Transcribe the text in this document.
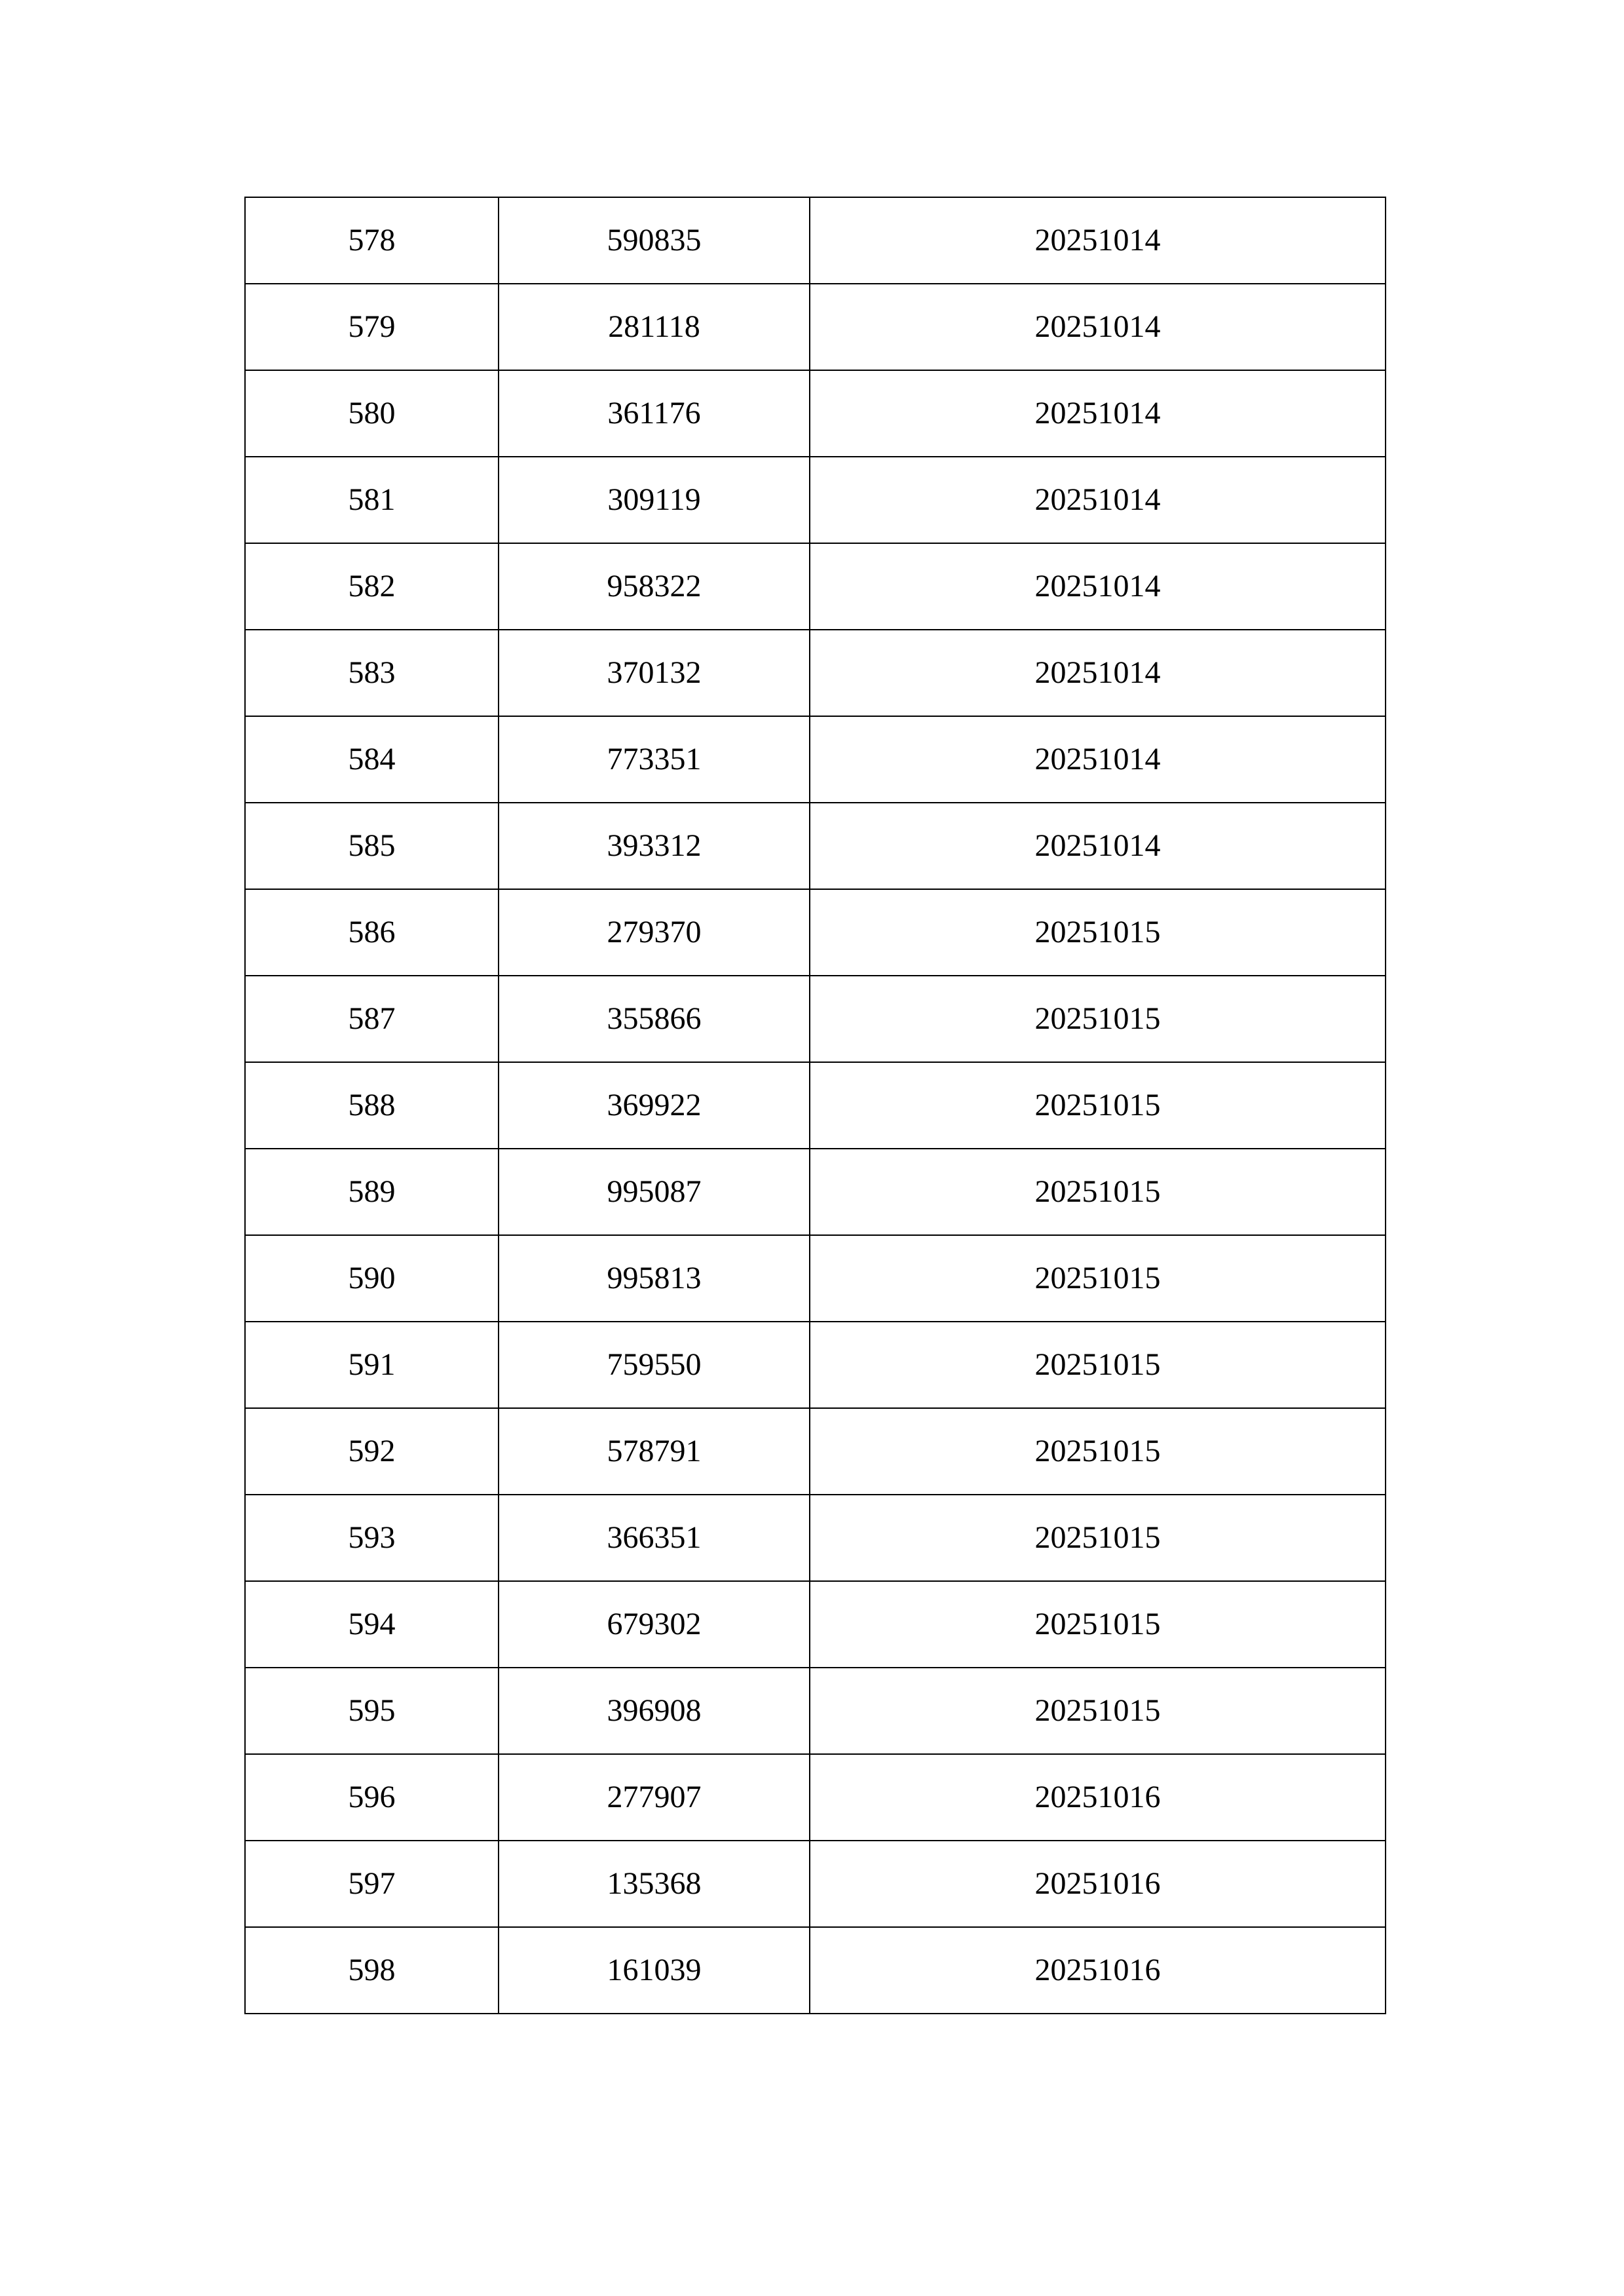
578	590835	20251014
579	281118	20251014
580	361176	20251014
581	309119	20251014
582	958322	20251014
583	370132	20251014
584	773351	20251014
585	393312	20251014
586	279370	20251015
587	355866	20251015
588	369922	20251015
589	995087	20251015
590	995813	20251015
591	759550	20251015
592	578791	20251015
593	366351	20251015
594	679302	20251015
595	396908	20251015
596	277907	20251016
597	135368	20251016
598	161039	20251016
